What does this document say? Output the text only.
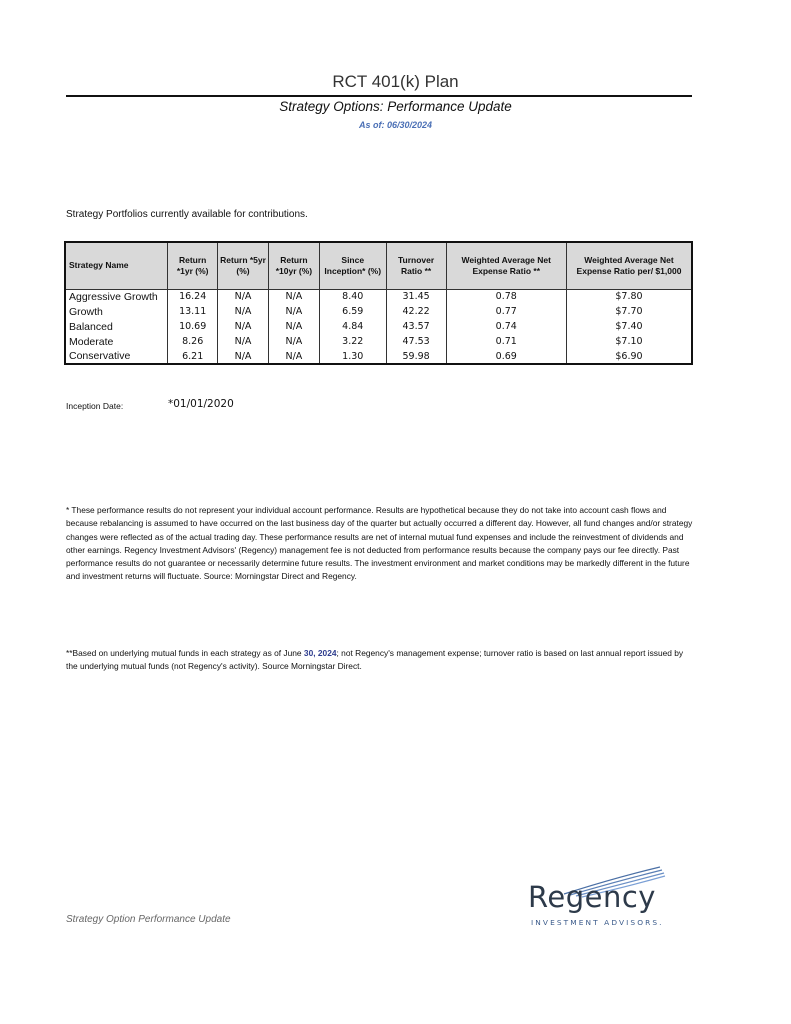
RCT 401(k) Plan
Strategy Options: Performance Update
As of: 06/30/2024
Strategy Portfolios currently available for contributions.
Strategy Name	Return *1yr (%)	Return *5yr (%)	Return *10yr (%)	Since Inception* (%)	Turnover Ratio **	Weighted Average Net Expense Ratio **	Weighted Average Net Expense Ratio per/ $1,000
Aggressive Growth	16.24	N/A	N/A	8.40	31.45	0.78	$7.80
Growth	13.11	N/A	N/A	6.59	42.22	0.77	$7.70
Balanced	10.69	N/A	N/A	4.84	43.57	0.74	$7.40
Moderate	8.26	N/A	N/A	3.22	47.53	0.71	$7.10
Conservative	6.21	N/A	N/A	1.30	59.98	0.69	$6.90
Inception Date:	*01/01/2020
* These performance results do not represent your individual account performance. Results are hypothetical because they do not take into account cash flows and because rebalancing is assumed to have occurred on the last business day of the quarter but actually occurred a different day. However, all fund changes and/or strategy changes were reflected as of the actual trading day. These performance results are net of internal mutual fund expenses and include the reinvestment of dividends and other earnings. Regency Investment Advisors' (Regency) management fee is not deducted from performance results because the company pays our fee directly. Past performance results do not guarantee or necessarily determine future results. The investment environment and market conditions may be markedly different in the future and investment returns will fluctuate. Source: Morningstar Direct and Regency.
**Based on underlying mutual funds in each strategy as of June 30, 2024; not Regency's management expense; turnover ratio is based on last annual report issued by the underlying mutual funds (not Regency's activity). Source Morningstar Direct.
Strategy Option Performance Update
Regency
INVESTMENT ADVISORS.
